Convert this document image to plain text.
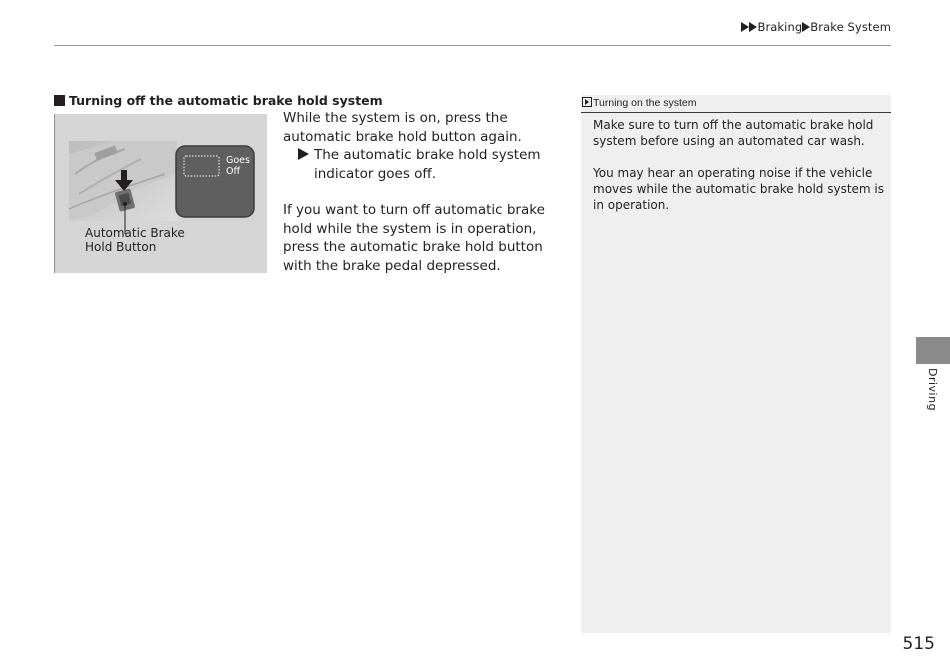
Braking Brake System
Turning off the automatic brake hold system
Goes
Off
Automatic Brake
Hold Button

While the system is on, press the automatic brake hold button again.

The automatic brake hold system indicator goes off.

If you want to turn off automatic brake hold while the system is in operation, press the automatic brake hold button with the brake pedal depressed.

Turning on the system

Make sure to turn off the automatic brake hold system before using an automated car wash.

You may hear an operating noise if the vehicle moves while the automatic brake hold system is in operation.

Driving
515
